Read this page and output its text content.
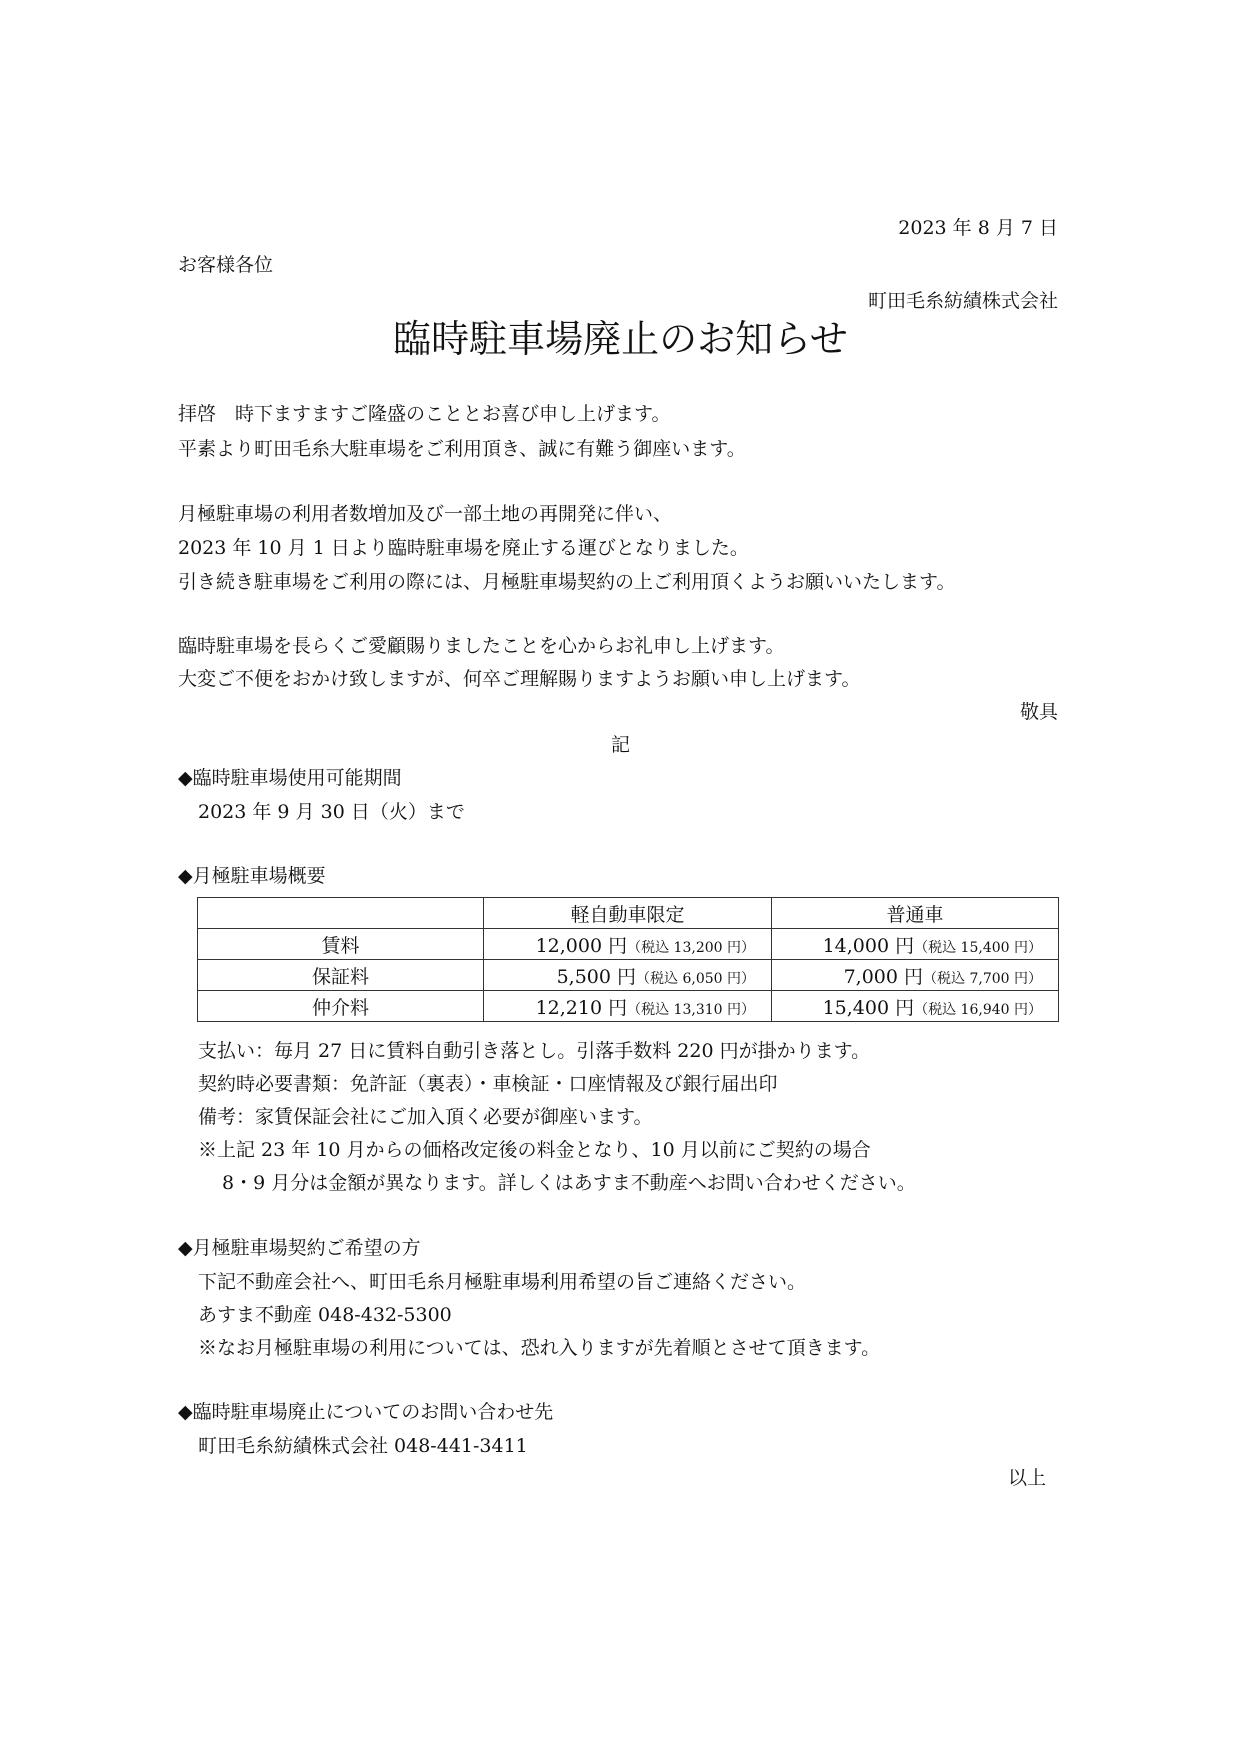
2023 年 8 月 7 日
お客様各位
町田毛糸紡績株式会社
臨時駐車場廃止のお知らせ
拝啓　時下ますますご隆盛のこととお喜び申し上げます。
平素より町田毛糸大駐車場をご利用頂き、誠に有難う御座います。
月極駐車場の利用者数増加及び一部土地の再開発に伴い、
2023 年 10 月 1 日より臨時駐車場を廃止する運びとなりました。
引き続き駐車場をご利用の際には、月極駐車場契約の上ご利用頂くようお願いいたします。
臨時駐車場を長らくご愛顧賜りましたことを心からお礼申し上げます。
大変ご不便をおかけ致しますが、何卒ご理解賜りますようお願い申し上げます。
敬具
記
◆臨時駐車場使用可能期間
2023 年 9 月 30 日（火）まで
◆月極駐車場概要
	軽自動車限定	普通車
賃料	12,000 円（税込 13,200 円）	14,000 円（税込 15,400 円）
保証料	5,500 円（税込 6,050 円）	7,000 円（税込 7,700 円）
仲介料	12,210 円（税込 13,310 円）	15,400 円（税込 16,940 円）
支払い：毎月 27 日に賃料自動引き落とし。引落手数料 220 円が掛かります。
契約時必要書類：免許証（裏表）・車検証・口座情報及び銀行届出印
備考：家賃保証会社にご加入頂く必要が御座います。
※上記 23 年 10 月からの価格改定後の料金となり、10 月以前にご契約の場合
8・9 月分は金額が異なります。詳しくはあすま不動産へお問い合わせください。
◆月極駐車場契約ご希望の方
下記不動産会社へ、町田毛糸月極駐車場利用希望の旨ご連絡ください。
あすま不動産 048-432-5300
※なお月極駐車場の利用については、恐れ入りますが先着順とさせて頂きます。
◆臨時駐車場廃止についてのお問い合わせ先
町田毛糸紡績株式会社 048-441-3411
以上
